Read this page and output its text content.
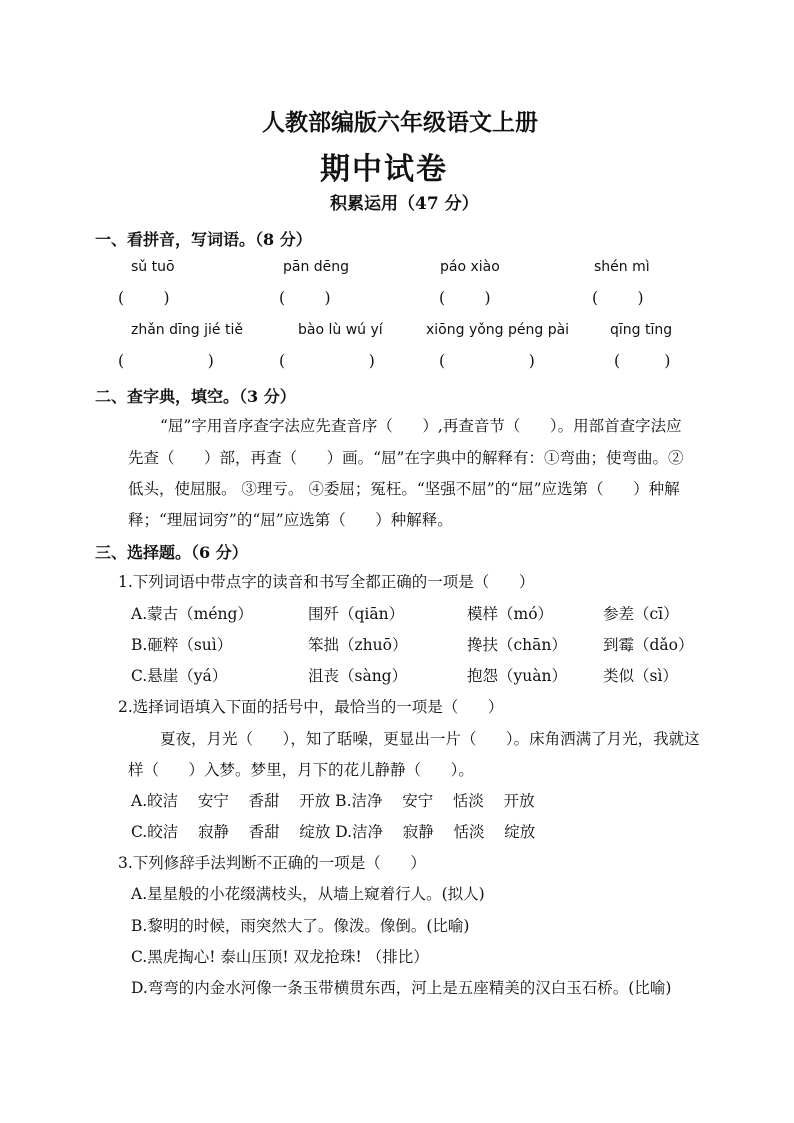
人教部编版六年级语文上册
期中试卷
积累运用（47 分）
一、看拼音，写词语。（8 分）
sǔ tuō	pān dēng	páo xiào	shén mì
(        )	(        )	(        )	(        )
zhǎn dīng jié tiě	bào lù wú yí	xiōng yǒng péng pài	qīng tīng
(                 )	(                 )	(                 )	(         )
二、查字典，填空。（3 分）
“屈”字用音序查字法应先查音序（      ）,再查音节（      ）。用部首查字法应
先查（      ）部，再查（      ）画。“屈”在字典中的解释有：①弯曲；使弯曲。②
低头，使屈服。 ③理亏。 ④委屈；冤枉。“坚强不屈”的“屈”应选第（      ）种解
释；“理屈词穷”的“屈”应选第（      ）种解释。
三、选择题。（6 分）
1.下列词语中带点字的读音和书写全都正确的一项是（      ）
A.蒙古（méng）	围歼（qiān）	模样（mó）	参差（cī）
B.砸粹（suì）	笨拙（zhuō）	搀扶（chān） 到霉（dǎo）
C.悬崖（yá）	沮丧（sàng）	抱怨（yuàn） 类似（sì）
2.选择词语填入下面的括号中，最恰当的一项是（      ）
夏夜，月光（      ），知了聒噪，更显出一片（      ）。床角洒满了月光，我就这
样（      ）入梦。梦里，月下的花儿静静（      ）。
A.皎洁    安宁    香甜    开放 B.洁净    安宁    恬淡    开放
C.皎洁    寂静    香甜    绽放 D.洁净    寂静    恬淡    绽放
3.下列修辞手法判断不正确的一项是（      ）
A.星星般的小花缀满枝头，从墙上窥着行人。(拟人)
B.黎明的时候，雨突然大了。像泼。像倒。(比喻)
C.黑虎掏心! 泰山压顶! 双龙抢珠! （排比）
D.弯弯的内金水河像一条玉带横贯东西，河上是五座精美的汉白玉石桥。(比喻)
